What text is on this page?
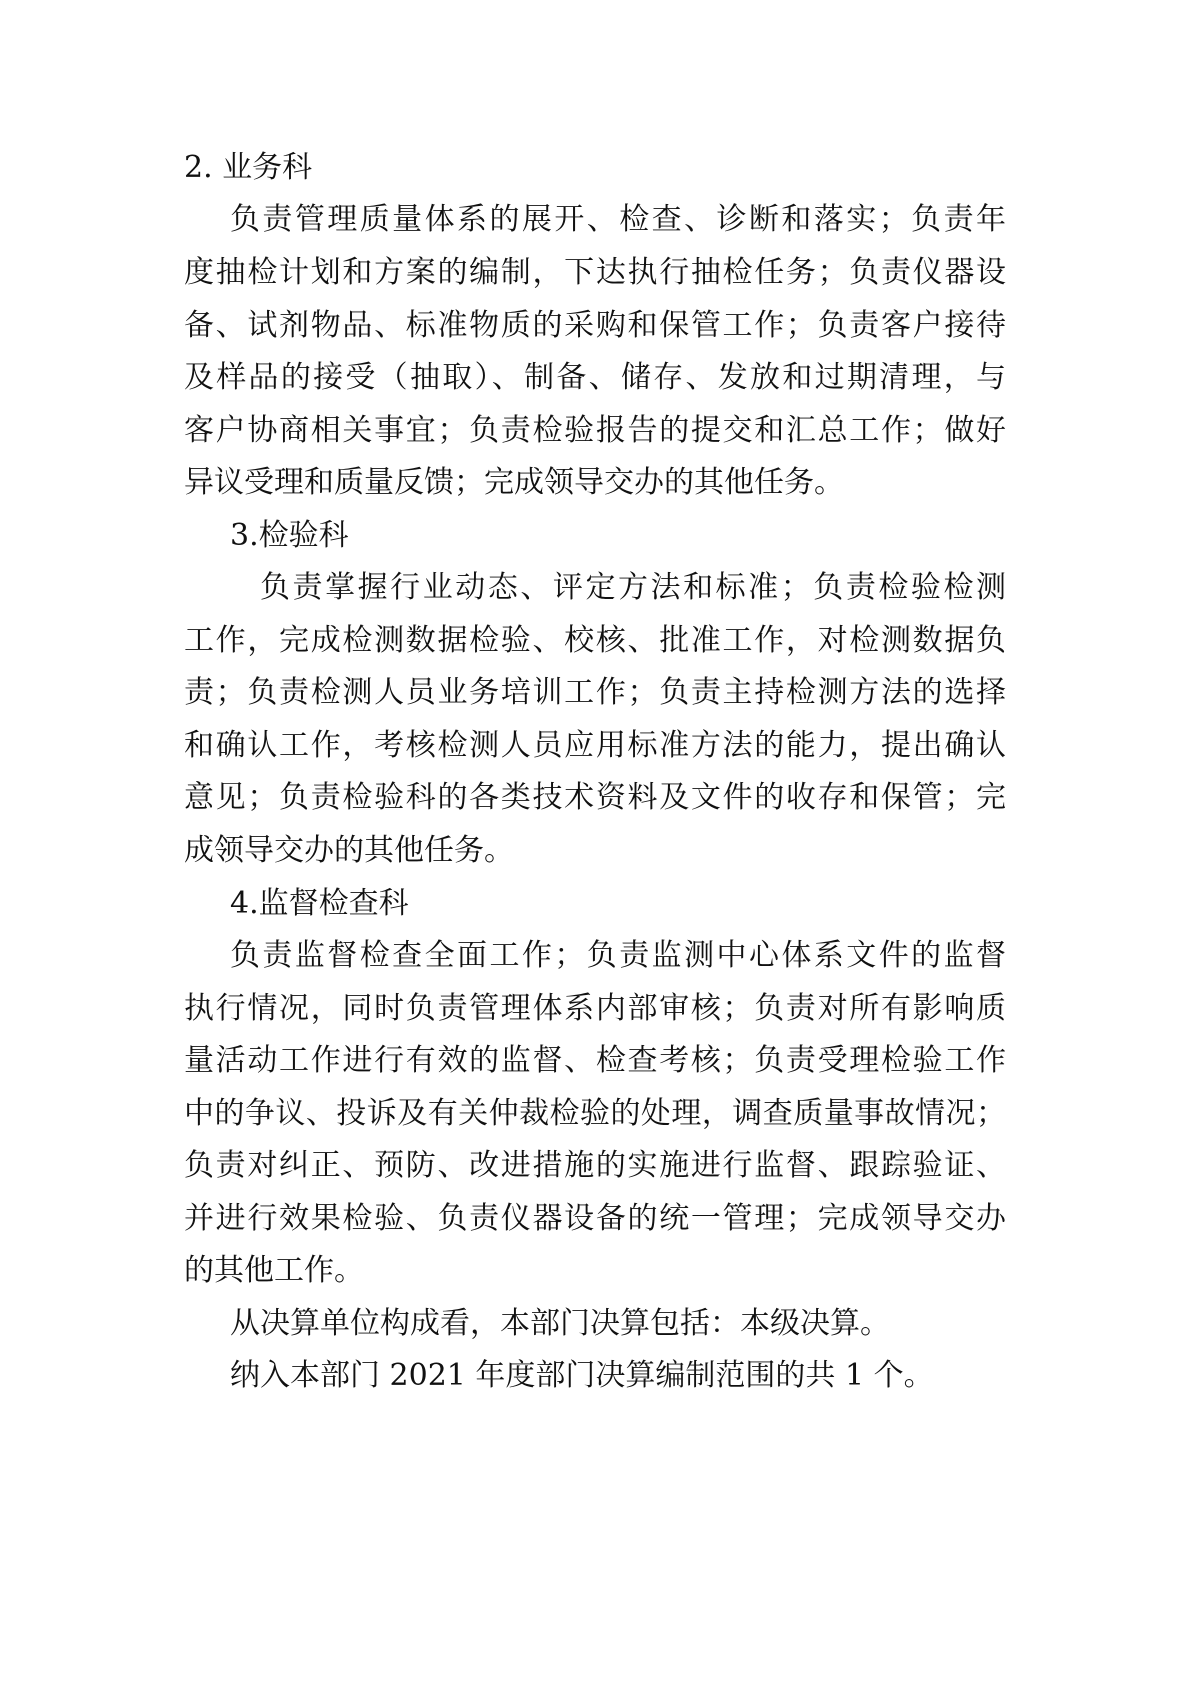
2. 业务科
负责管理质量体系的展开、检查、诊断和落实；负责年
度抽检计划和方案的编制，下达执行抽检任务；负责仪器设
备、试剂物品、标准物质的采购和保管工作；负责客户接待
及样品的接受（抽取）、制备、储存、发放和过期清理，与
客户协商相关事宜；负责检验报告的提交和汇总工作；做好
异议受理和质量反馈；完成领导交办的其他任务。
3.检验科
负责掌握行业动态、评定方法和标准；负责检验检测
工作，完成检测数据检验、校核、批准工作，对检测数据负
责；负责检测人员业务培训工作；负责主持检测方法的选择
和确认工作，考核检测人员应用标准方法的能力，提出确认
意见；负责检验科的各类技术资料及文件的收存和保管；完
成领导交办的其他任务。
4.监督检查科
负责监督检查全面工作；负责监测中心体系文件的监督
执行情况，同时负责管理体系内部审核；负责对所有影响质
量活动工作进行有效的监督、检查考核；负责受理检验工作
中的争议、投诉及有关仲裁检验的处理，调查质量事故情况；
负责对纠正、预防、改进措施的实施进行监督、跟踪验证、
并进行效果检验、负责仪器设备的统一管理；完成领导交办
的其他工作。
从决算单位构成看，本部门决算包括：本级决算。
纳入本部门 2021 年度部门决算编制范围的共 1 个。
